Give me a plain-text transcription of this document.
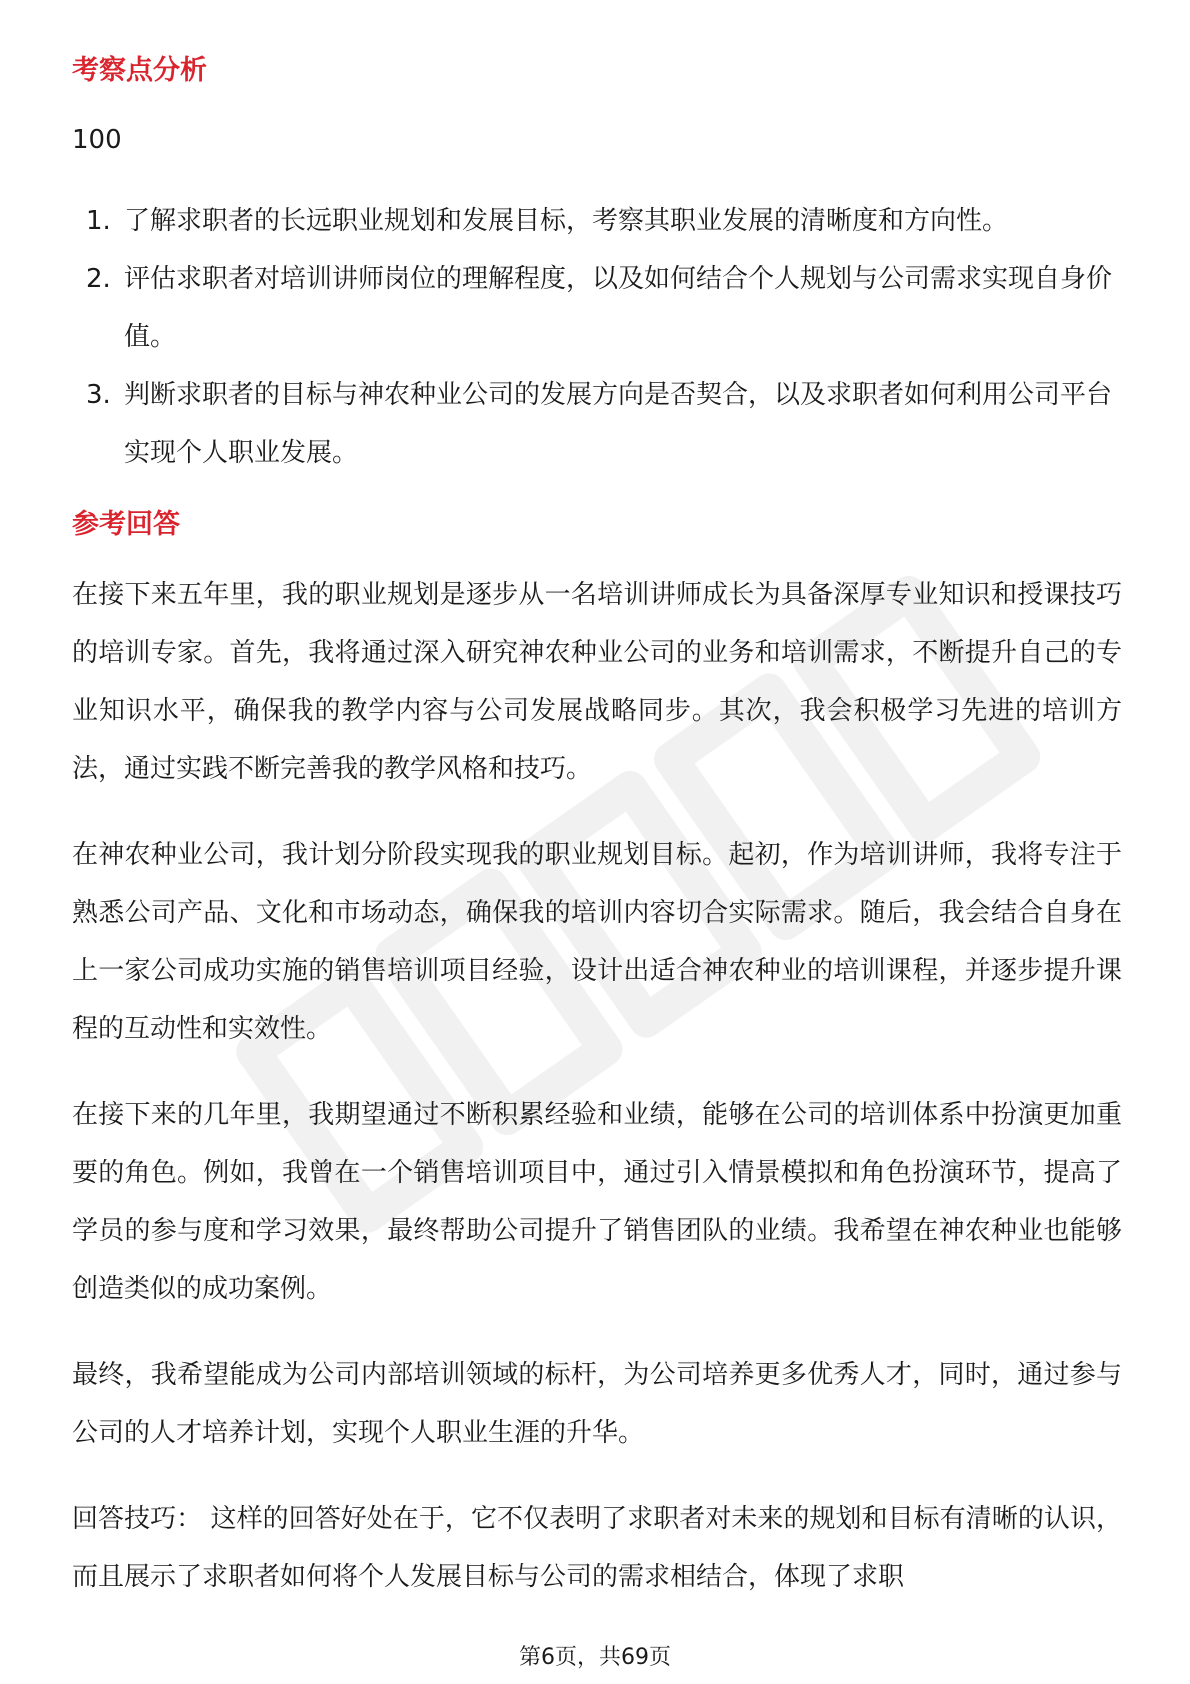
考察点分析
100
1. 了解求职者的长远职业规划和发展目标，考察其职业发展的清晰度和方向性。
2. 评估求职者对培训讲师岗位的理解程度，以及如何结合个人规划与公司需求实现自身价值。
3. 判断求职者的目标与神农种业公司的发展方向是否契合，以及求职者如何利用公司平台实现个人职业发展。
参考回答

在接下来五年里，我的职业规划是逐步从一名培训讲师成长为具备深厚专业知识和授课技巧的培训专家。首先，我将通过深入研究神农种业公司的业务和培训需求，不断提升自己的专业知识水平，确保我的教学内容与公司发展战略同步。其次，我会积极学习先进的培训方法，通过实践不断完善我的教学风格和技巧。

在神农种业公司，我计划分阶段实现我的职业规划目标。起初，作为培训讲师，我将专注于熟悉公司产品、文化和市场动态，确保我的培训内容切合实际需求。随后，我会结合自身在上一家公司成功实施的销售培训项目经验，设计出适合神农种业的培训课程，并逐步提升课程的互动性和实效性。

在接下来的几年里，我期望通过不断积累经验和业绩，能够在公司的培训体系中扮演更加重要的角色。例如，我曾在一个销售培训项目中，通过引入情景模拟和角色扮演环节，提高了学员的参与度和学习效果，最终帮助公司提升了销售团队的业绩。我希望在神农种业也能够创造类似的成功案例。

最终，我希望能成为公司内部培训领域的标杆，为公司培养更多优秀人才，同时，通过参与公司的人才培养计划，实现个人职业生涯的升华。

回答技巧： 这样的回答好处在于，它不仅表明了求职者对未来的规划和目标有清晰的认识，而且展示了求职者如何将个人发展目标与公司的需求相结合，体现了求职

第6页，共69页
